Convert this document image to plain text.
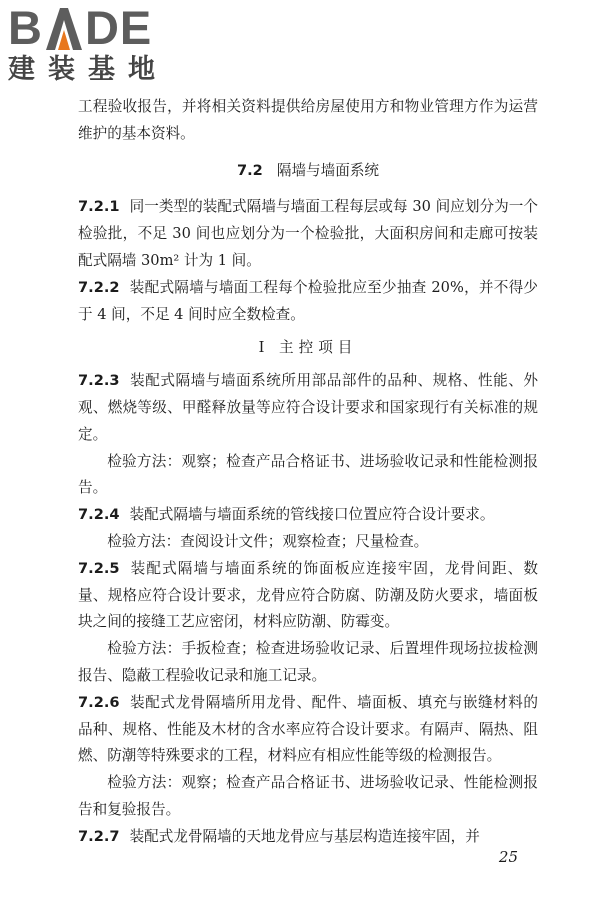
B DE
建装基地

工程验收报告，并将相关资料提供给房屋使用方和物业管理方作为运营维护的基本资料。

7.2 隔墙与墙面系统

7.2.1 同一类型的装配式隔墙与墙面工程每层或每 30 间应划分为一个检验批，不足 30 间也应划分为一个检验批，大面积房间和走廊可按装配式隔墙 30m² 计为 1 间。

7.2.2 装配式隔墙与墙面工程每个检验批应至少抽查 20%，并不得少于 4 间，不足 4 间时应全数检查。

Ⅰ 主控项目

7.2.3 装配式隔墙与墙面系统所用部品部件的品种、规格、性能、外观、燃烧等级、甲醛释放量等应符合设计要求和国家现行有关标准的规定。

检验方法：观察；检查产品合格证书、进场验收记录和性能检测报告。

7.2.4 装配式隔墙与墙面系统的管线接口位置应符合设计要求。

检验方法：查阅设计文件；观察检查；尺量检查。

7.2.5 装配式隔墙与墙面系统的饰面板应连接牢固，龙骨间距、数量、规格应符合设计要求，龙骨应符合防腐、防潮及防火要求，墙面板块之间的接缝工艺应密闭，材料应防潮、防霉变。

检验方法：手扳检查；检查进场验收记录、后置埋件现场拉拔检测报告、隐蔽工程验收记录和施工记录。

7.2.6 装配式龙骨隔墙所用龙骨、配件、墙面板、填充与嵌缝材料的品种、规格、性能及木材的含水率应符合设计要求。有隔声、隔热、阻燃、防潮等特殊要求的工程，材料应有相应性能等级的检测报告。

检验方法：观察；检查产品合格证书、进场验收记录、性能检测报告和复验报告。

7.2.7 装配式龙骨隔墙的天地龙骨应与基层构造连接牢固，并

25
